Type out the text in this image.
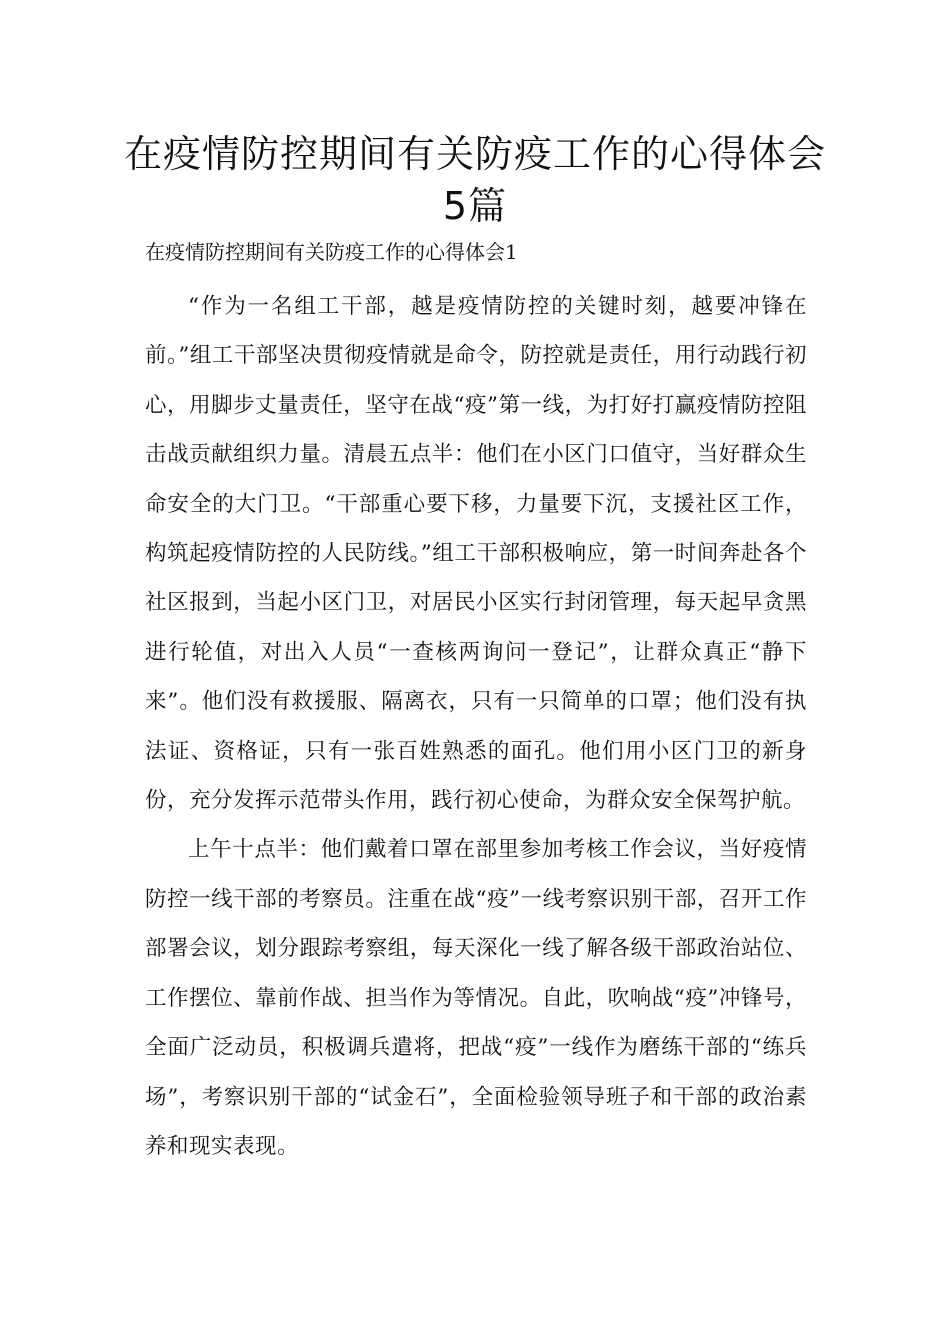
在疫情防控期间有关防疫工作的心得体会5篇

在疫情防控期间有关防疫工作的心得体会1

“作为一名组工干部，越是疫情防控的关键时刻，越要冲锋在前。”组工干部坚决贯彻疫情就是命令，防控就是责任，用行动践行初心，用脚步丈量责任，坚守在战“疫”第一线，为打好打赢疫情防控阻击战贡献组织力量。清晨五点半：他们在小区门口值守，当好群众生命安全的大门卫。“干部重心要下移，力量要下沉，支援社区工作，构筑起疫情防控的人民防线。”组工干部积极响应，第一时间奔赴各个社区报到，当起小区门卫，对居民小区实行封闭管理，每天起早贪黑进行轮值，对出入人员“一查核两询问一登记”，让群众真正“静下来”。他们没有救援服、隔离衣，只有一只简单的口罩；他们没有执法证、资格证，只有一张百姓熟悉的面孔。他们用小区门卫的新身份，充分发挥示范带头作用，践行初心使命，为群众安全保驾护航。

上午十点半：他们戴着口罩在部里参加考核工作会议，当好疫情防控一线干部的考察员。注重在战“疫”一线考察识别干部，召开工作部署会议，划分跟踪考察组，每天深化一线了解各级干部政治站位、工作摆位、靠前作战、担当作为等情况。自此，吹响战“疫”冲锋号，全面广泛动员，积极调兵遣将，把战“疫”一线作为磨练干部的“练兵场”，考察识别干部的“试金石”，全面检验领导班子和干部的政治素养和现实表现。
